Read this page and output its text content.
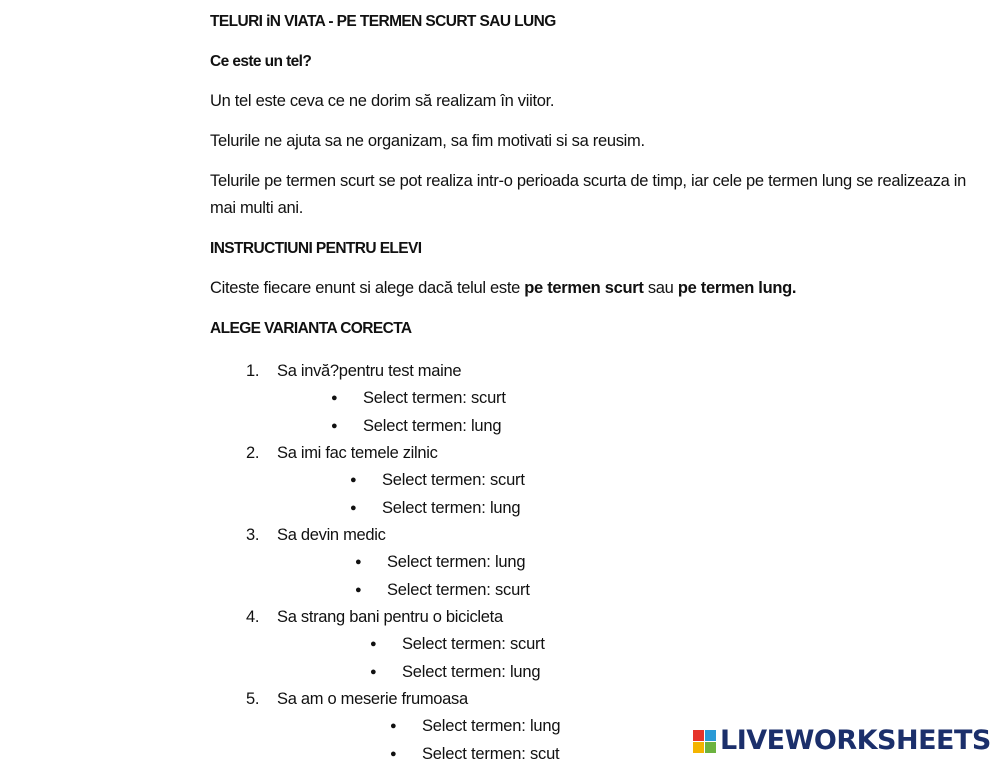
TELURI iN VIATA - PE TERMEN SCURT SAU LUNG

Ce este un tel?

Un tel este ceva ce ne dorim să realizam în viitor.

Telurile ne ajuta sa ne organizam, sa fim motivati si sa reusim.

Telurile pe termen scurt se pot realiza intr-o perioada scurta de timp, iar cele pe termen lung se realizeaza in mai multi ani.

INSTRUCTIUNI PENTRU ELEVI

Citeste fiecare enunt si alege dacă telul este pe termen scurt sau pe termen lung.

ALEGE VARIANTA CORECTA

1. Sa invă?pentru test maine
● Select termen: scurt
● Select termen: lung
2. Sa imi fac temele zilnic
● Select termen: scurt
● Select termen: lung
3. Sa devin medic
● Select termen: lung
● Select termen: scurt
4. Sa strang bani pentru o bicicleta
● Select termen: scurt
● Select termen: lung
5. Sa am o meserie frumoasa
● Select termen: lung
● Select termen: scut	LIVEWORKSHEETS
